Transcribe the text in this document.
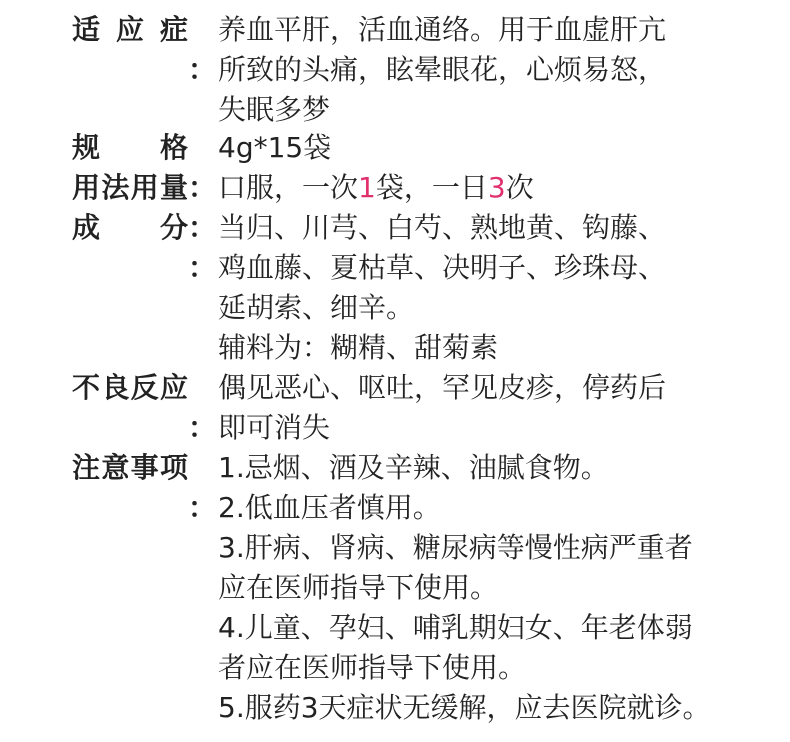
适 应 症
：
养血平肝，活血通络。用于血虚肝亢
所致的头痛，眩晕眼花，心烦易怒，
失眠多梦
规 格
：
4g*15袋
用 法 用 量
：
口服，一次1袋，一日3次
成 分
：
当归、川芎、白芍、熟地黄、钩藤、
鸡血藤、夏枯草、决明子、珍珠母、
延胡索、细辛。
辅料为：糊精、甜菊素
不 良 反 应
：
偶见恶心、呕吐，罕见皮疹，停药后
即可消失
注 意 事 项
：
1.忌烟、酒及辛辣、油腻食物。
2.低血压者慎用。
3.肝病、肾病、糖尿病等慢性病严重者
应在医师指导下使用。
4.儿童、孕妇、哺乳期妇女、年老体弱
者应在医师指导下使用。
5.服药3天症状无缓解，应去医院就诊。
